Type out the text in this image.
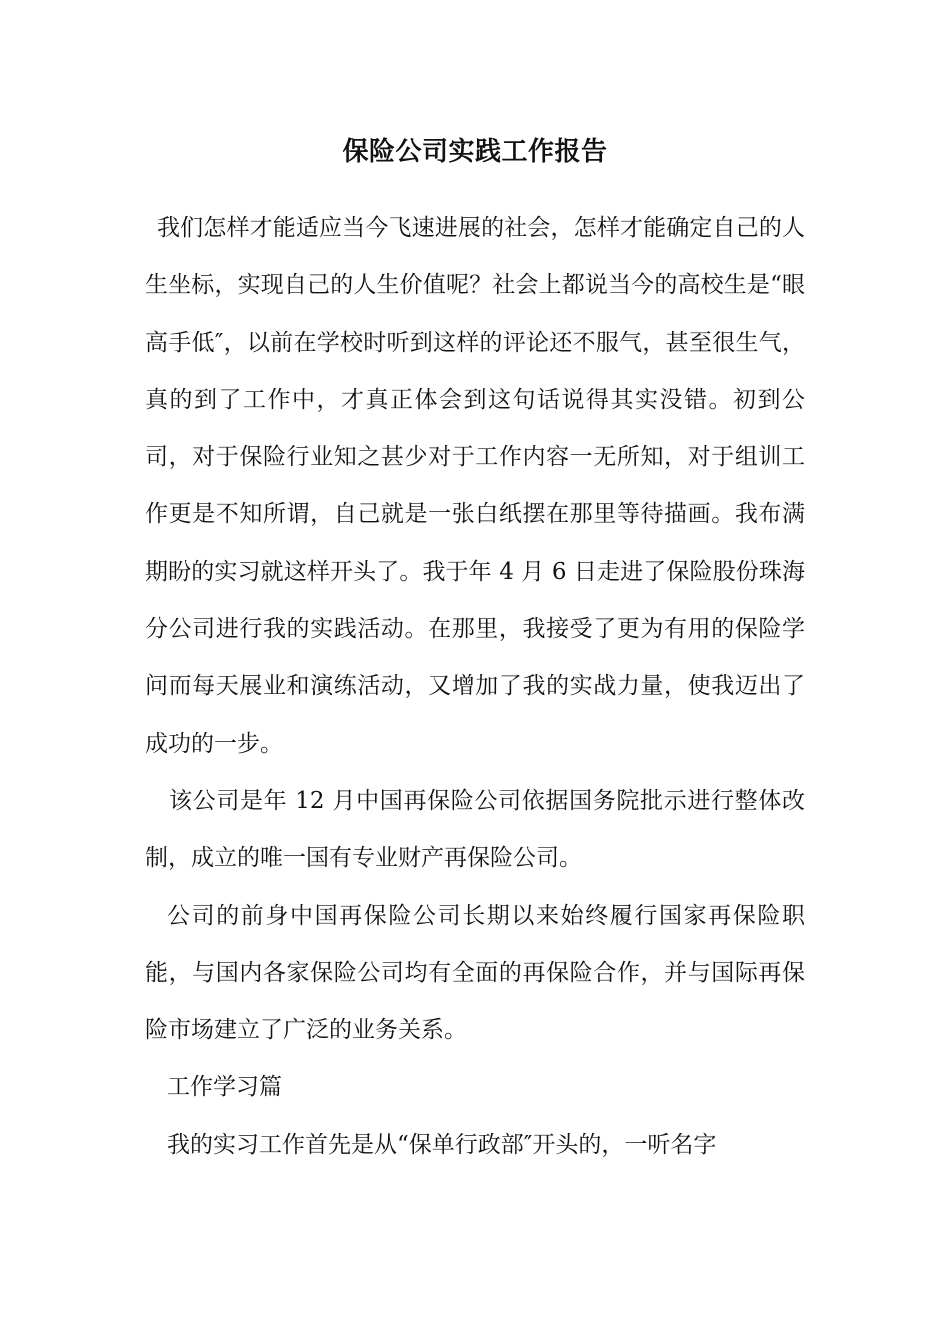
保险公司实践工作报告

我们怎样才能适应当今飞速进展的社会，怎样才能确定自己的人生坐标，实现自己的人生价值呢？社会上都说当今的高校生是“眼高手低″，以前在学校时听到这样的评论还不服气，甚至很生气，真的到了工作中，才真正体会到这句话说得其实没错。初到公司，对于保险行业知之甚少对于工作内容一无所知，对于组训工作更是不知所谓，自己就是一张白纸摆在那里等待描画。我布满期盼的实习就这样开头了。我于年 4 月 6 日走进了保险股份珠海分公司进行我的实践活动。在那里，我接受了更为有用的保险学问而每天展业和演练活动，又增加了我的实战力量，使我迈出了成功的一步。

该公司是年 12 月中国再保险公司依据国务院批示进行整体改制，成立的唯一国有专业财产再保险公司。

公司的前身中国再保险公司长期以来始终履行国家再保险职能，与国内各家保险公司均有全面的再保险合作，并与国际再保险市场建立了广泛的业务关系。

工作学习篇

我的实习工作首先是从“保单行政部″开头的，一听名字
